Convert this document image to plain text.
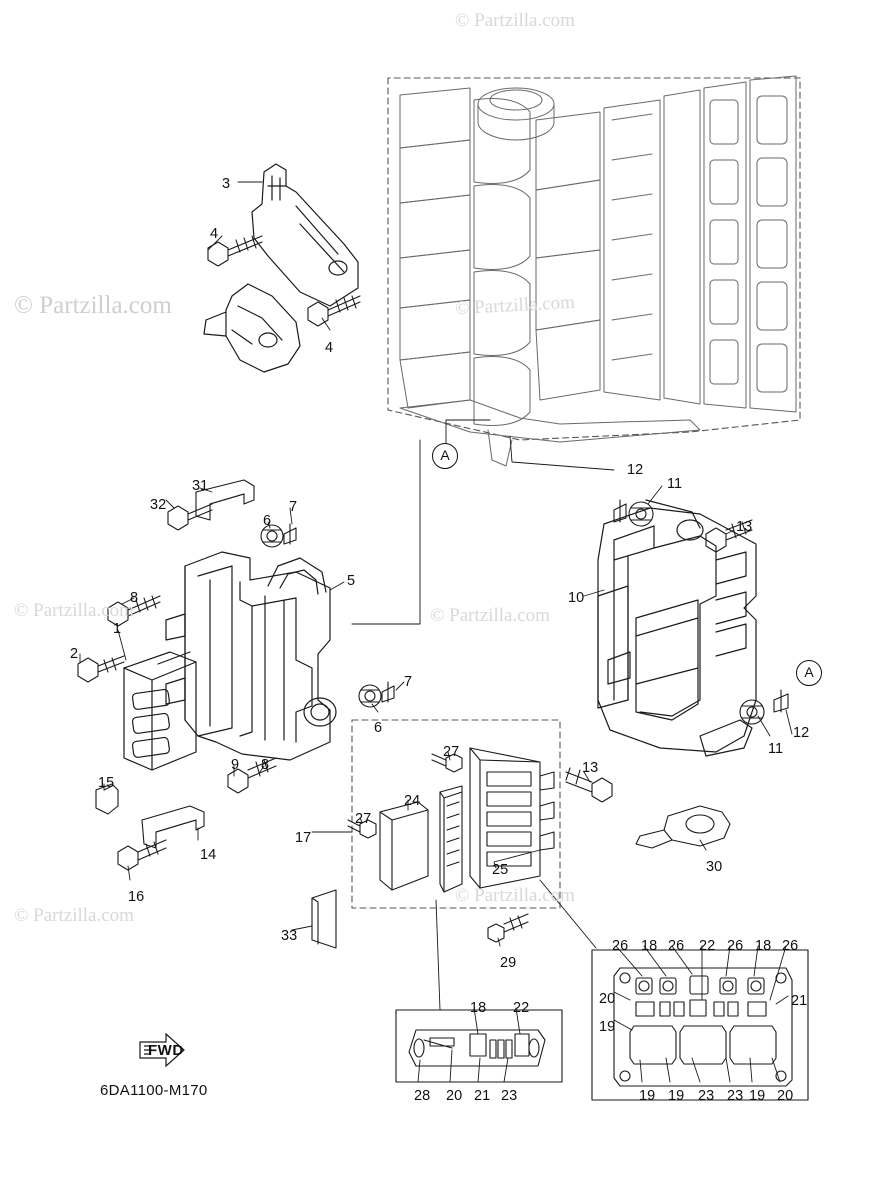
© Partzilla.com
© Partzilla.com	© Partzilla.com
© Partzilla.com
© Partzilla.com
© Partzilla.com
© Partzilla.com
3
4
4
12
11
13
10
31
32	7
6
5
8
1
2
7
6
9 8
15
14
16
27
13
24
27
17
25
11
12
30
33
29
26 18 26 22 26 18 26
20	21
19
19 19 23 23 19 20
18 22
28 20 21 23
A
A
FWD
6DA1100-M170
